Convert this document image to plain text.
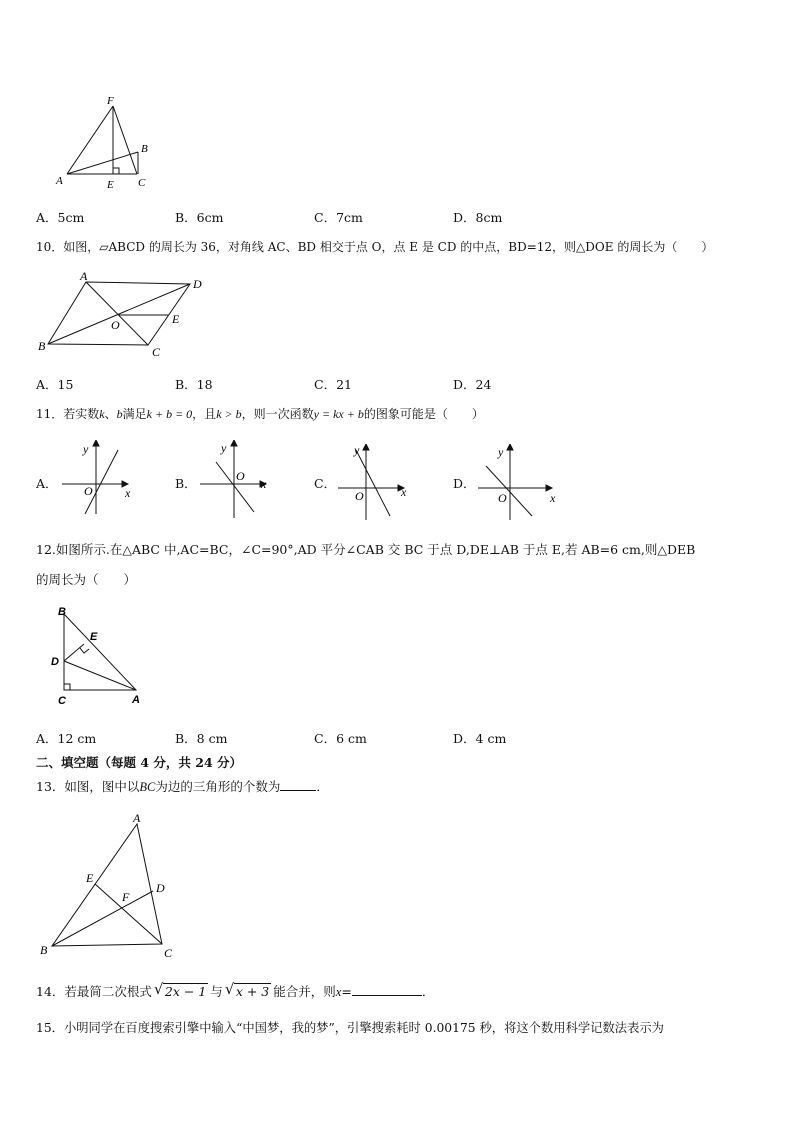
F
B
A	E C
A．5cm	B．6cm	C．7cm	D．8cm
10．如图，▱ABCD 的周长为 36，对角线 AC、BD 相交于点 O，点 E 是 CD 的中点，BD=12，则△DOE 的周长为（　　）
A
D
O	E
B	C
A．15	B．18	C．21	D．24
11．若实数k、b满足k + b = 0，且k > b，则一次函数y = kx + b的图象可能是（　　）
A．
y
x
O	B．
y
x
O	C．
y
x
O
D．
y
x
O
12.如图所示.在△ABC 中,AC=BC，∠C=90°,AD 平分∠CAB 交 BC 于点 D,DE⊥AB 于点 E,若 AB=6 cm,则△DEB
的周长为（　　）
B
E
D
C	A
A．12 cm	B．8 cm	C．6 cm	D．4 cm
二、填空题（每题 4 分，共 24 分）
13．如图，图中以BC为边的三角形的个数为	．
A
E
D
F
B	C
14．若最简二次根式 √ 2x − 1 与 √ x + 3 能合并，则x=	．
15．小明同学在百度搜索引擎中输入“中国梦，我的梦”，引擎搜索耗时 0.00175 秒，将这个数用科学记数法表示为
